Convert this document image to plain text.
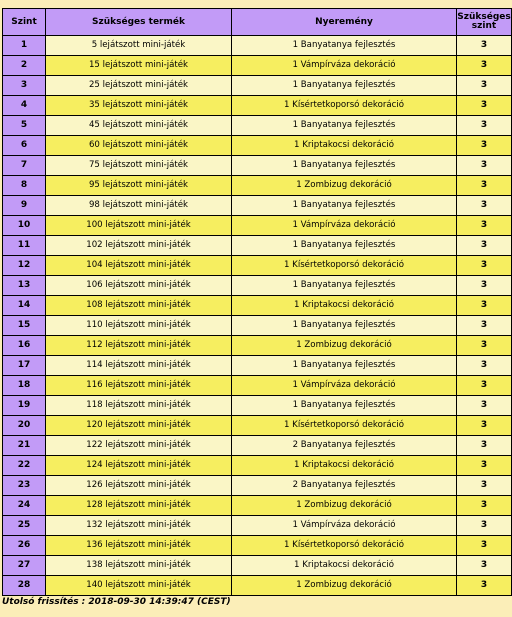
Szint	Szükséges termék	Nyeremény	Szükséges
szint
1	5 lejátszott mini-játék	1 Banyatanya fejlesztés	3
2	15 lejátszott mini-játék	1 Vámpírváza dekoráció	3
3	25 lejátszott mini-játék	1 Banyatanya fejlesztés	3
4	35 lejátszott mini-játék	1 Kísértetkoporsó dekoráció	3
5	45 lejátszott mini-játék	1 Banyatanya fejlesztés	3
6	60 lejátszott mini-játék	1 Kriptakocsi dekoráció	3
7	75 lejátszott mini-játék	1 Banyatanya fejlesztés	3
8	95 lejátszott mini-játék	1 Zombizug dekoráció	3
9	98 lejátszott mini-játék	1 Banyatanya fejlesztés	3
10	100 lejátszott mini-játék	1 Vámpírváza dekoráció	3
11	102 lejátszott mini-játék	1 Banyatanya fejlesztés	3
12	104 lejátszott mini-játék	1 Kísértetkoporsó dekoráció	3
13	106 lejátszott mini-játék	1 Banyatanya fejlesztés	3
14	108 lejátszott mini-játék	1 Kriptakocsi dekoráció	3
15	110 lejátszott mini-játék	1 Banyatanya fejlesztés	3
16	112 lejátszott mini-játék	1 Zombizug dekoráció	3
17	114 lejátszott mini-játék	1 Banyatanya fejlesztés	3
18	116 lejátszott mini-játék	1 Vámpírváza dekoráció	3
19	118 lejátszott mini-játék	1 Banyatanya fejlesztés	3
20	120 lejátszott mini-játék	1 Kísértetkoporsó dekoráció	3
21	122 lejátszott mini-játék	2 Banyatanya fejlesztés	3
22	124 lejátszott mini-játék	1 Kriptakocsi dekoráció	3
23	126 lejátszott mini-játék	2 Banyatanya fejlesztés	3
24	128 lejátszott mini-játék	1 Zombizug dekoráció	3
25	132 lejátszott mini-játék	1 Vámpírváza dekoráció	3
26	136 lejátszott mini-játék	1 Kísértetkoporsó dekoráció	3
27	138 lejátszott mini-játék	1 Kriptakocsi dekoráció	3
28	140 lejátszott mini-játék	1 Zombizug dekoráció	3
Utolsó frissítés : 2018-09-30 14:39:47 (CEST)
